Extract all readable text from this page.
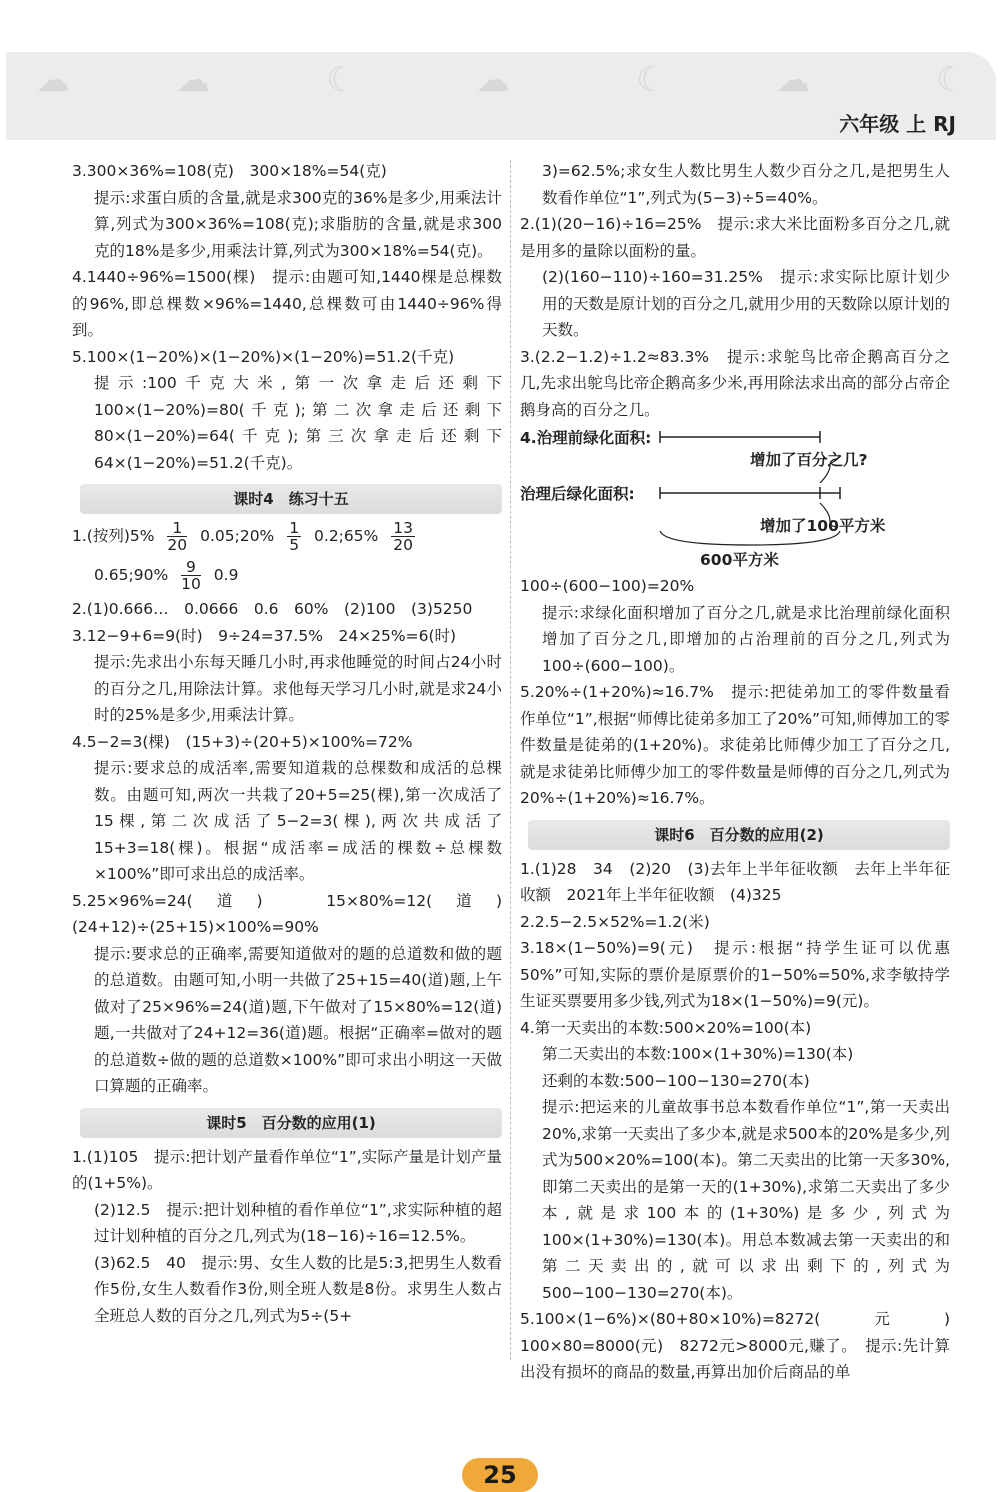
☁	☁	☾	☁	☾	☁	☾
六年级 上 RJ
3.300×36%=108(克)　300×18%=54(克)
提示:求蛋白质的含量,就是求300克的36%是多少,用乘法计算,列式为300×36%=108(克);求脂肪的含量,就是求300克的18%是多少,用乘法计算,列式为300×18%=54(克)。
4.1440÷96%=1500(棵)　提示:由题可知,1440棵是总棵数的96%,即总棵数×96%=1440,总棵数可由1440÷96%得到。
5.100×(1−20%)×(1−20%)×(1−20%)=51.2(千克)
提示:100千克大米,第一次拿走后还剩下100×(1−20%)=80(千克);第二次拿走后还剩下80×(1−20%)=64(千克);第三次拿走后还剩下64×(1−20%)=51.2(千克)。
课时4　练习十五
1.(按列)$5\% \frac{1}{20}$ 0.05;20% $\frac{1}{5}$ 0.2;65% $\frac{13}{20}$
0.65;90% $\frac{9}{10} 0.9$
2.(1)0.666…　0.0666　0.6　60%　(2)100　(3)5250
3.12−9+6=9(时)　9÷24=37.5%　24×25%=6(时)
提示:先求出小东每天睡几小时,再求他睡觉的时间占24小时的百分之几,用除法计算。求他每天学习几小时,就是求24小时的25%是多少,用乘法计算。
4.5−2=3(棵)　(15+3)÷(20+5)×100%=72%
提示:要求总的成活率,需要知道栽的总棵数和成活的总棵数。由题可知,两次一共栽了20+5=25(棵),第一次成活了15棵,第二次成活了5−2=3(棵),两次共成活了15+3=18(棵)。根据“成活率=成活的棵数÷总棵数×100%”即可求出总的成活率。
5.25×96%=24(道)　15×80%=12(道)　(24+12)÷(25+15)×100%=90%
提示:要求总的正确率,需要知道做对的题的总道数和做的题的总道数。由题可知,小明一共做了25+15=40(道)题,上午做对了25×96%=24(道)题,下午做对了15×80%=12(道)题,一共做对了24+12=36(道)题。根据“正确率=做对的题的总道数÷做的题的总道数×100%”即可求出小明这一天做口算题的正确率。
课时5　百分数的应用(1)
1.(1)105　提示:把计划产量看作单位“1”,实际产量是计划产量的(1+5%)。
(2)12.5　提示:把计划种植的看作单位“1”,求实际种植的超过计划种植的百分之几,列式为(18−16)÷16=12.5%。
(3)62.5　40　提示:男、女生人数的比是5:3,把男生人数看作5份,女生人数看作3份,则全班人数是8份。求男生人数占全班总人数的百分之几,列式为5÷(5+
3)=62.5%;求女生人数比男生人数少百分之几,是把男生人数看作单位“1”,列式为(5−3)÷5=40%。
2.(1)(20−16)÷16=25%　提示:求大米比面粉多百分之几,就是用多的量除以面粉的量。
(2)(160−110)÷160=31.25%　提示:求实际比原计划少用的天数是原计划的百分之几,就用少用的天数除以原计划的天数。
3.(2.2−1.2)÷1.2≈83.3%　提示:求鸵鸟比帝企鹅高百分之几,先求出鸵鸟比帝企鹅高多少米,再用除法求出高的部分占帝企鹅身高的百分之几。
4.治理前绿化面积:
治理后绿化面积:
增加了百分之几?
增加了100平方米
600平方米
100÷(600−100)=20%
提示:求绿化面积增加了百分之几,就是求比治理前绿化面积增加了百分之几,即增加的占治理前的百分之几,列式为100÷(600−100)。
5.20%÷(1+20%)≈16.7%　提示:把徒弟加工的零件数量看作单位“1”,根据“师傅比徒弟多加工了20%”可知,师傅加工的零件数量是徒弟的(1+20%)。求徒弟比师傅少加工了百分之几,就是求徒弟比师傅少加工的零件数量是师傅的百分之几,列式为20%÷(1+20%)≈16.7%。
课时6　百分数的应用(2)
1.(1)28　34　(2)20　(3)去年上半年征收额　去年上半年征收额　2021年上半年征收额　(4)325
2.2.5−2.5×52%=1.2(米)
3.18×(1−50%)=9(元)　提示:根据“持学生证可以优惠50%”可知,实际的票价是原票价的1−50%=50%,求李敏持学生证买票要用多少钱,列式为18×(1−50%)=9(元)。
4.第一天卖出的本数:500×20%=100(本)
第二天卖出的本数:100×(1+30%)=130(本)
还剩的本数:500−100−130=270(本)
提示:把运来的儿童故事书总本数看作单位“1”,第一天卖出20%,求第一天卖出了多少本,就是求500本的20%是多少,列式为500×20%=100(本)。第二天卖出的比第一天多30%,即第二天卖出的是第一天的(1+30%),求第二天卖出了多少本,就是求100本的(1+30%)是多少,列式为100×(1+30%)=130(本)。用总本数减去第一天卖出的和第二天卖出的,就可以求出剩下的,列式为500−100−130=270(本)。
5.100×(1−6%)×(80+80×10%)=8272(元)　100×80=8000(元)　8272元>8000元,赚了。　提示:先计算出没有损坏的商品的数量,再算出加价后商品的单
25
